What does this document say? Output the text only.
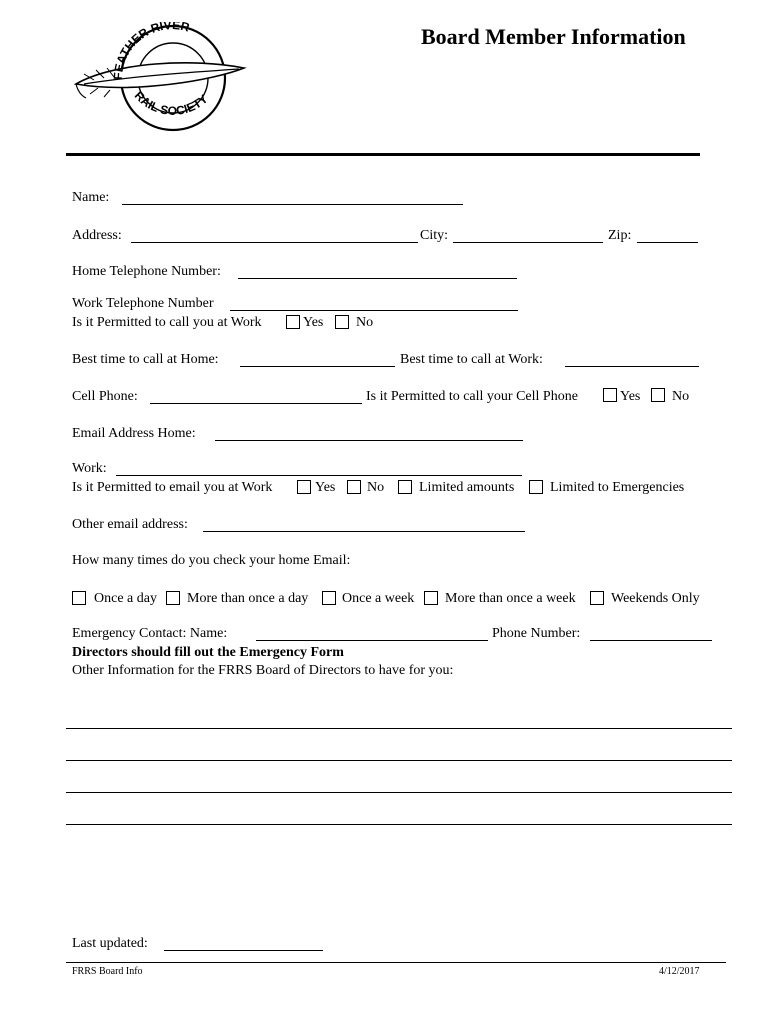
FEATHER RIVER
RAIL SOCIETY
Board Member Information
Name:
Address:	City:	Zip:
Home Telephone Number:
Work Telephone Number
Is it Permitted to call you at Work	Yes No
Best time to call at Home:	Best time to call at Work:
Cell Phone:	Is it Permitted to call your Cell Phone	Yes No
Email Address Home:
Work:
Is it Permitted to email you at Work	Yes No Limited amounts	Limited to Emergencies
Other email address:
How many times do you check your home Email:
Once a day More than once a day Once a week More than once a week	Weekends Only
Emergency Contact: Name:	Phone Number:
Directors should fill out the Emergency Form
Other Information for the FRRS Board of Directors to have for you:
Last updated:
FRRS Board Info	4/12/2017
